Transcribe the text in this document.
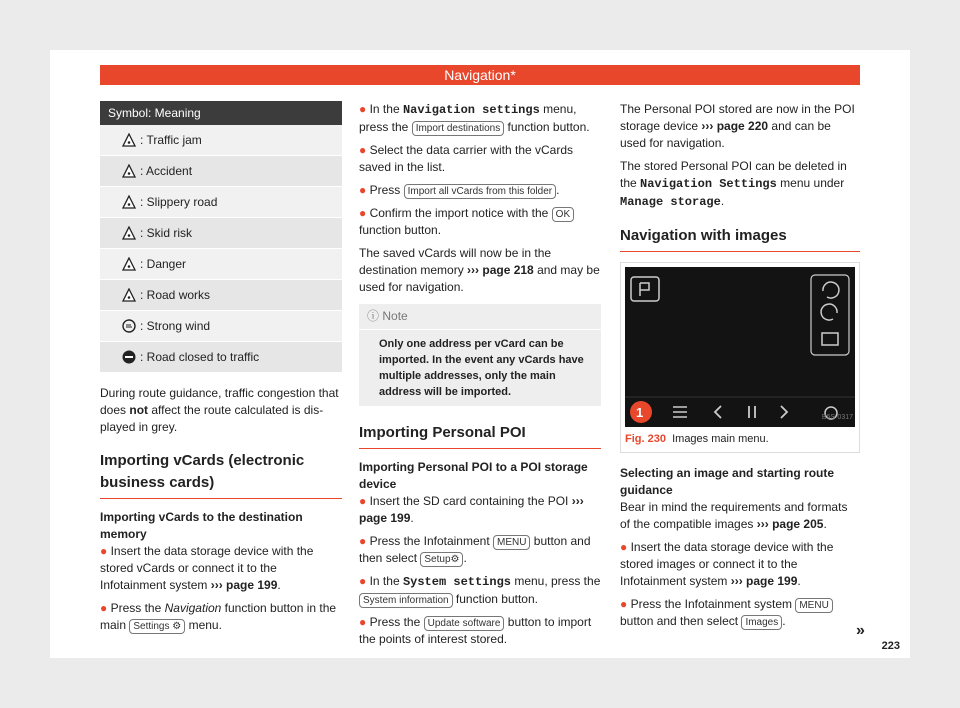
Navigation*
Symbol: Meaning
: Traffic jam
: Accident
: Slippery road
: Skid risk
: Danger
: Road works
: Strong wind
: Road closed to traffic

During route guidance, traffic congestion that does not affect the route calculated is dis-played in grey.

Importing vCards (electronic business cards)
Importing vCards to the destination memory

● Insert the data storage device with the stored vCards or connect it to the Infotainment system ››› page 199.

● Press the Navigation function button in the main Settings ⚙ menu.

● In the Navigation settings menu, press the Import destinations function button.

● Select the data carrier with the vCards saved in the list.

● Press Import all vCards from this folder .

● Confirm the import notice with the OK function button.

The saved vCards will now be in the destination memory ››› page 218 and may be used for navigation.

ⓘ Note
Only one address per vCard can be imported. In the event any vCards have multiple addresses, only the main address will be imported.
Importing Personal POI
Importing Personal POI to a POI storage device

● Insert the SD card containing the POI ››› page 199.

● Press the Infotainment MENU button and then select Setup⚙ .

● In the System settings menu, press the System information function button.

● Press the Update software button to import the points of interest stored.

The Personal POI stored are now in the POI storage device ››› page 220 and can be used for navigation.

The stored Personal POI can be deleted in the Navigation Settings menu under Manage storage.

Navigation with images
1	B6S-0317
Fig. 230 Images main menu.
Selecting an image and starting route guidance

Bear in mind the requirements and formats of the compatible images ››› page 205.

● Insert the data storage device with the stored images or connect it to the Infotainment system ››› page 199.

● Press the Infotainment system MENU button and then select Images .

»
223
